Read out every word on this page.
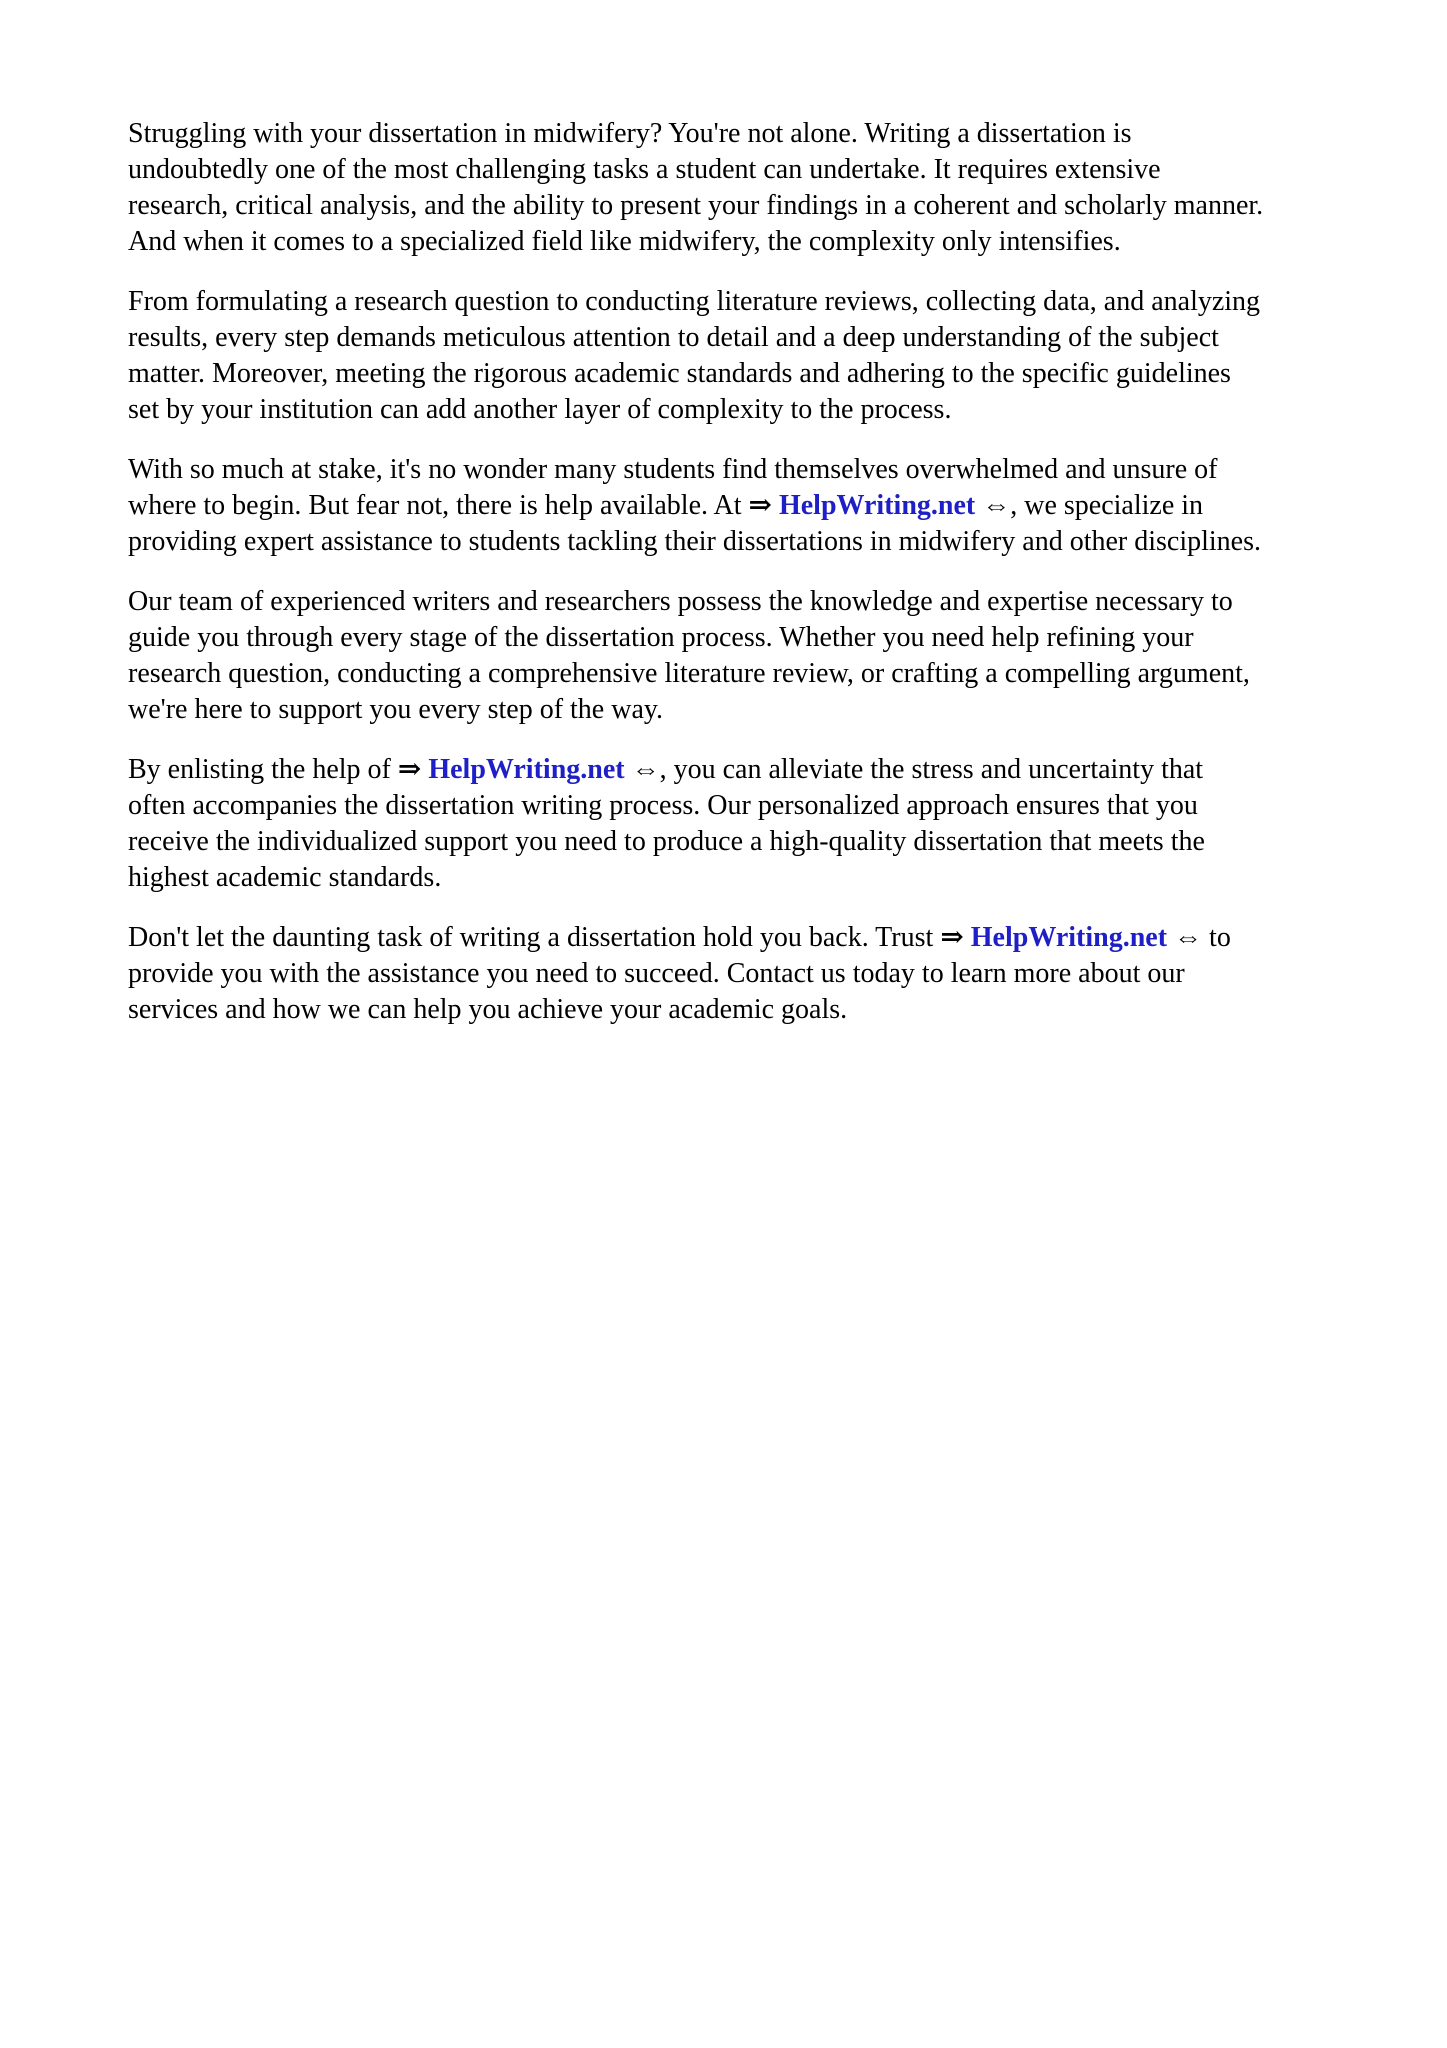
Struggling with your dissertation in midwifery? You're not alone. Writing a dissertation is
undoubtedly one of the most challenging tasks a student can undertake. It requires extensive
research, critical analysis, and the ability to present your findings in a coherent and scholarly manner.
And when it comes to a specialized field like midwifery, the complexity only intensifies.
From formulating a research question to conducting literature reviews, collecting data, and analyzing
results, every step demands meticulous attention to detail and a deep understanding of the subject
matter. Moreover, meeting the rigorous academic standards and adhering to the specific guidelines
set by your institution can add another layer of complexity to the process.
With so much at stake, it's no wonder many students find themselves overwhelmed and unsure of
where to begin. But fear not, there is help available. At ⇒ HelpWriting.net ⇔, we specialize in
providing expert assistance to students tackling their dissertations in midwifery and other disciplines.
Our team of experienced writers and researchers possess the knowledge and expertise necessary to
guide you through every stage of the dissertation process. Whether you need help refining your
research question, conducting a comprehensive literature review, or crafting a compelling argument,
we're here to support you every step of the way.
By enlisting the help of ⇒ HelpWriting.net ⇔, you can alleviate the stress and uncertainty that
often accompanies the dissertation writing process. Our personalized approach ensures that you
receive the individualized support you need to produce a high-quality dissertation that meets the
highest academic standards.
Don't let the daunting task of writing a dissertation hold you back. Trust ⇒ HelpWriting.net ⇔ to
provide you with the assistance you need to succeed. Contact us today to learn more about our
services and how we can help you achieve your academic goals.
